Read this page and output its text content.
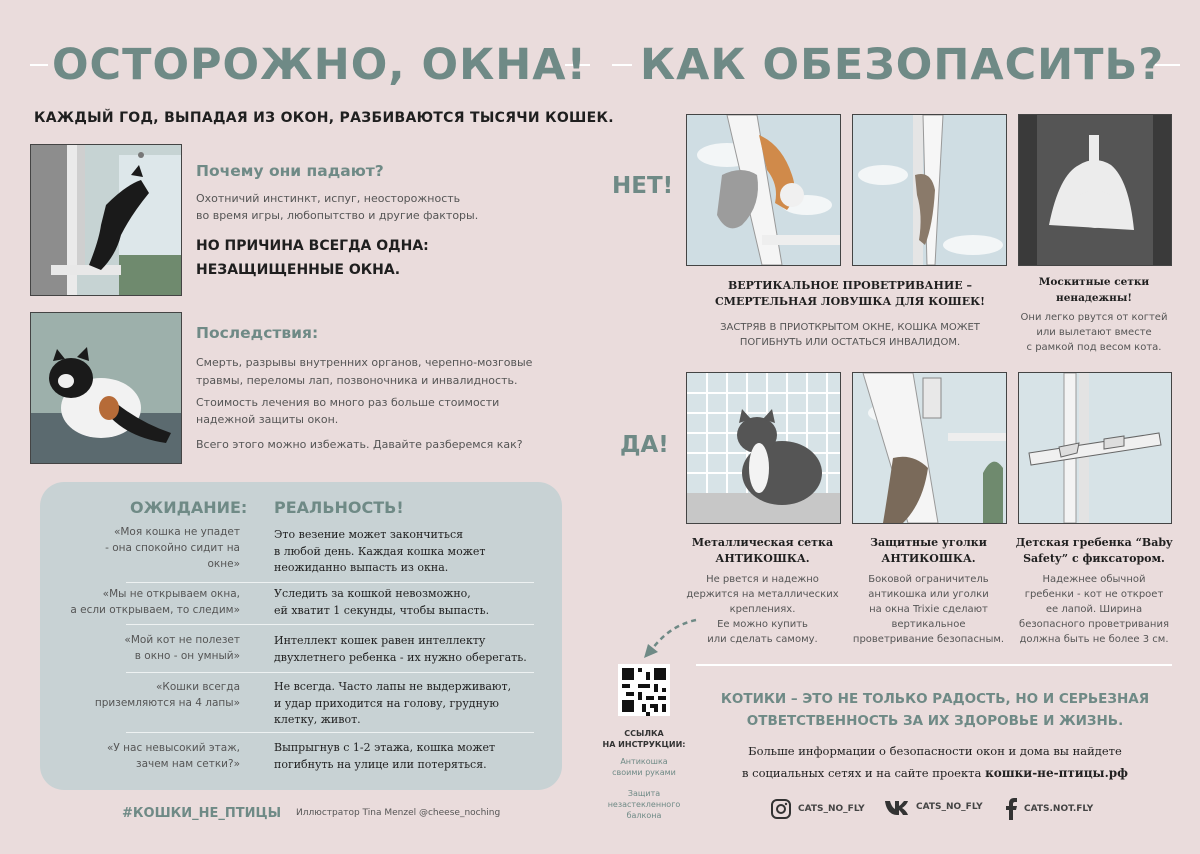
ОСТОРОЖНО, ОКНА!
КАЖДЫЙ ГОД, ВЫПАДАЯ ИЗ ОКОН, РАЗБИВАЮТСЯ ТЫСЯЧИ КОШЕК.
Почему они падают?
Охотничий инстинкт, испуг, неосторожность
во время игры, любопытство и другие факторы.
НО ПРИЧИНА ВСЕГДА ОДНА:
НЕЗАЩИЩЕННЫЕ ОКНА.
Последствия:
Смерть, разрывы внутренних органов, черепно-мозговые
травмы, переломы лап, позвоночника и инвалидность.
Стоимость лечения во много раз больше стоимости
надежной защиты окон.
Всего этого можно избежать. Давайте разберемся как?
ОЖИДАНИЕ: РЕАЛЬНОСТЬ!
«Моя кошка не упадет
- она спокойно сидит на окне»
Это везение может закончиться
в любой день. Каждая кошка может
неожиданно выпасть из окна.
«Мы не открываем окна,
а если открываем, то следим»
Уследить за кошкой невозможно,
ей хватит 1 секунды, чтобы выпасть.
«Мой кот не полезет
в окно - он умный»
Интеллект кошек равен интеллекту
двухлетнего ребенка - их нужно оберегать.
«Кошки всегда
приземляются на 4 лапы»
Не всегда. Часто лапы не выдерживают,
и удар приходится на голову, грудную
клетку, живот.
«У нас невысокий этаж,
зачем нам сетки?»
Выпрыгнув с 1-2 этажа, кошка может
погибнуть на улице или потеряться.
#КОШКИ_НЕ_ПТИЦЫ Иллюстратор Tina Menzel @cheese_noching
КАК ОБЕЗОПАСИТЬ?
НЕТ!
ДА!
ВЕРТИКАЛЬНОЕ ПРОВЕТРИВАНИЕ –
СМЕРТЕЛЬНАЯ ЛОВУШКА ДЛЯ КОШЕК!
ЗАСТРЯВ В ПРИОТКРЫТОМ ОКНЕ, КОШКА МОЖЕТ
ПОГИБНУТЬ ИЛИ ОСТАТЬСЯ ИНВАЛИДОМ.
Москитные сетки
ненадежны!
Они легко рвутся от когтей
или вылетают вместе
с рамкой под весом кота.
Металлическая сетка
АНТИКОШКА.
Не рвется и надежно
держится на металлических
креплениях.
Ее можно купить
или сделать самому.
Защитные уголки
АНТИКОШКА.
Боковой ограничитель
антикошка или уголки
на окна Trixie сделают
вертикальное
проветривание безопасным.
Детская гребенка “Baby
Safety” с фиксатором.
Надежнее обычной
гребенки - кот не откроет
ее лапой. Ширина
безопасного проветривания
должна быть не более 3 см.
ССЫЛКА
НА ИНСТРУКЦИИ:
Антикошка
своими руками
Защита
незастекленного
балкона
КОТИКИ – ЭТО НЕ ТОЛЬКО РАДОСТЬ, НО И СЕРЬЕЗНАЯ
ОТВЕТСТВЕННОСТЬ ЗА ИХ ЗДОРОВЬЕ И ЖИЗНЬ.
Больше информации о безопасности окон и дома вы найдете
в социальных сетях и на сайте проекта кошки-не-птицы.рф
CATS_NO_FLY	CATS_NO_FLY	CATS.NOT.FLY
